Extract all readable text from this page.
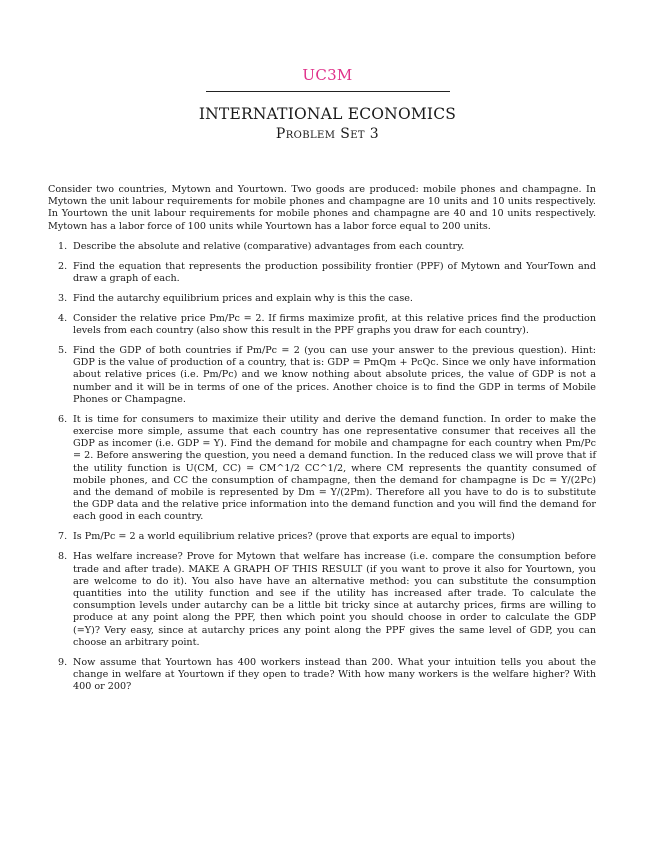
UC3M
INTERNATIONAL ECONOMICS
Problem Set 3

Consider two countries, Mytown and Yourtown. Two goods are produced: mobile phones and champagne. In Mytown the unit labour requirements for mobile phones and champagne are 10 units and 10 units respectively. In Yourtown the unit labour requirements for mobile phones and champagne are 40 and 10 units respectively. Mytown has a labor force of 100 units while Yourtown has a labor force equal to 200 units.

1. Describe the absolute and relative (comparative) advantages from each country.
2. Find the equation that represents the production possibility frontier (PPF) of Mytown and YourTown and draw a graph of each.
3. Find the autarchy equilibrium prices and explain why is this the case.
4. Consider the relative price Pm/Pc = 2. If firms maximize profit, at this relative prices find the production levels from each country (also show this result in the PPF graphs you draw for each country).
5. Find the GDP of both countries if Pm/Pc = 2 (you can use your answer to the previous question). Hint: GDP is the value of production of a country, that is: GDP = PmQm + PcQc. Since we only have information about relative prices (i.e. Pm/Pc) and we know nothing about absolute prices, the value of GDP is not a number and it will be in terms of one of the prices. Another choice is to find the GDP in terms of Mobile Phones or Champagne.
6. It is time for consumers to maximize their utility and derive the demand function. In order to make the exercise more simple, assume that each country has one representative consumer that receives all the GDP as incomer (i.e. GDP = Y). Find the demand for mobile and champagne for each country when Pm/Pc = 2. Before answering the question, you need a demand function. In the reduced class we will prove that if the utility function is U(CM, CC) = CM^1/2 CC^1/2, where CM represents the quantity consumed of mobile phones, and CC the consumption of champagne, then the demand for champagne is Dc = Y/(2Pc) and the demand of mobile is represented by Dm = Y/(2Pm). Therefore all you have to do is to substitute the GDP data and the relative price information into the demand function and you will find the demand for each good in each country.
7. Is Pm/Pc = 2 a world equilibrium relative prices? (prove that exports are equal to imports)
8. Has welfare increase? Prove for Mytown that welfare has increase (i.e. compare the consumption before trade and after trade). MAKE A GRAPH OF THIS RESULT (if you want to prove it also for Yourtown, you are welcome to do it). You also have have an alternative method: you can substitute the consumption quantities into the utility function and see if the utility has increased after trade. To calculate the consumption levels under autarchy can be a little bit tricky since at autarchy prices, firms are willing to produce at any point along the PPF, then which point you should choose in order to calculate the GDP (=Y)? Very easy, since at autarchy prices any point along the PPF gives the same level of GDP, you can choose an arbitrary point.
9. Now assume that Yourtown has 400 workers instead than 200. What your intuition tells you about the change in welfare at Yourtown if they open to trade? With how many workers is the welfare higher? With 400 or 200?
